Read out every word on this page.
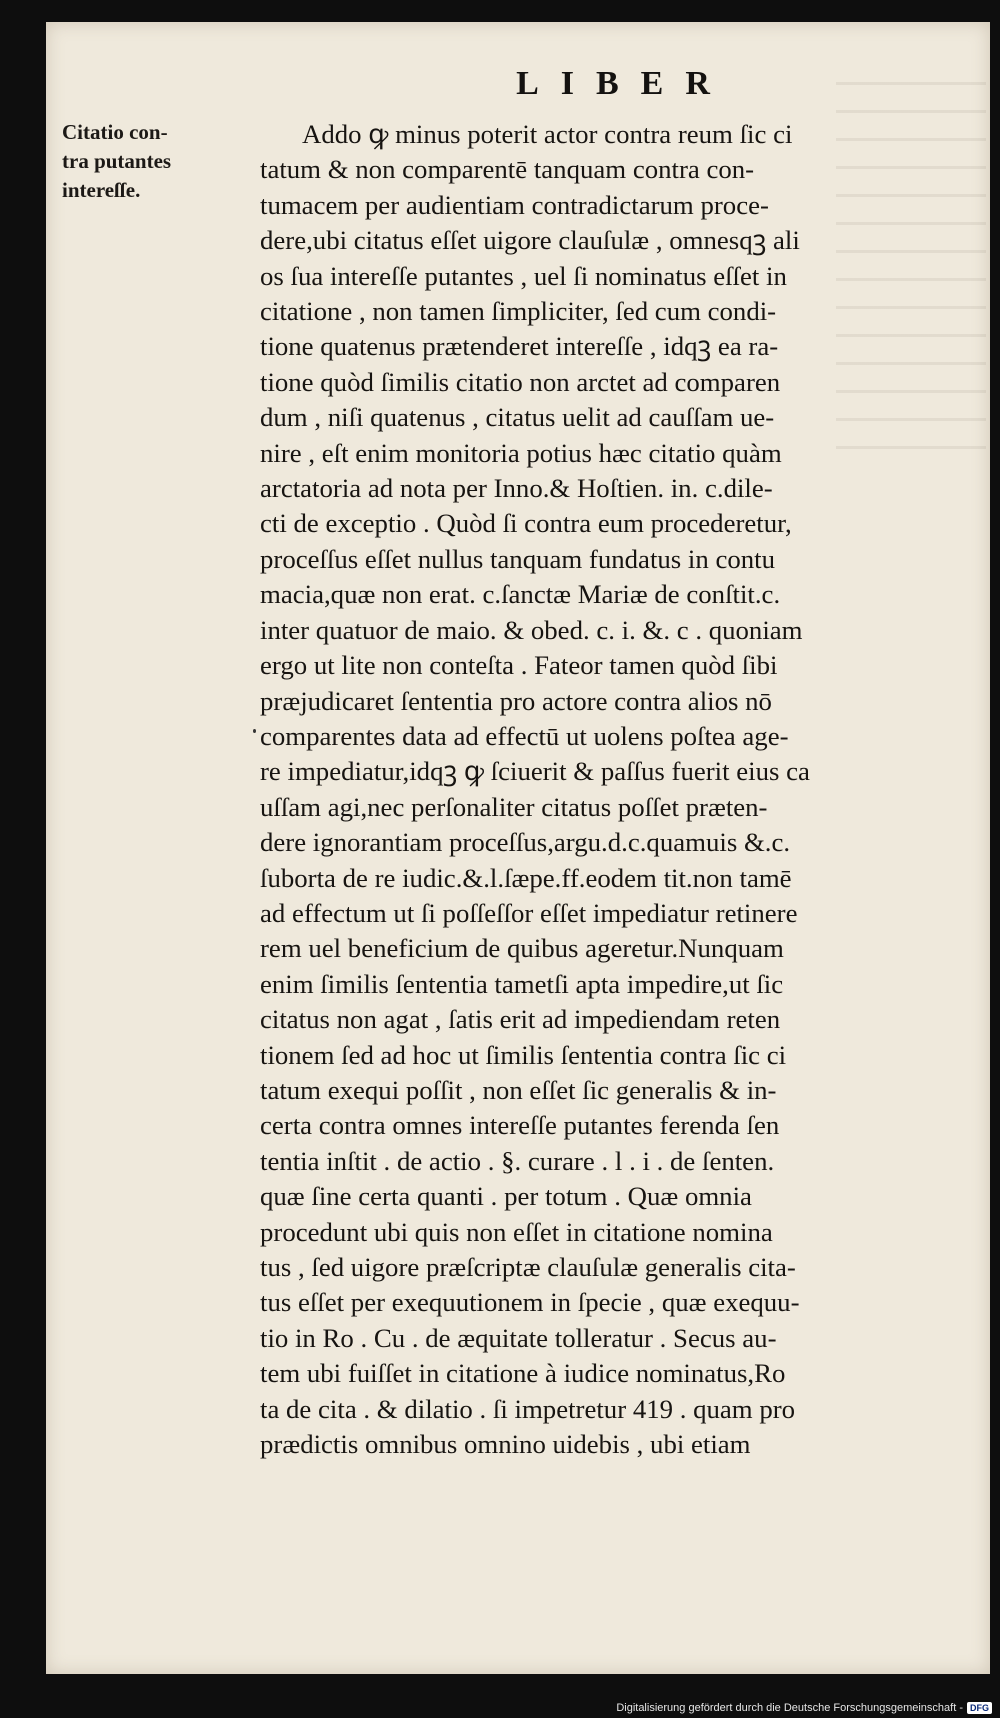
LIBER
Citatio con-
tra putantes
intereſſe.
Addo ꝙ minus poterit actor contra reum ſic ci
tatum & non comparentē tanquam contra con-
tumacem per audientiam contradictarum proce-
dere,ubi citatus eſſet uigore clauſulæ , omnesqꝫ ali
os ſua intereſſe putantes , uel ſi nominatus eſſet in
citatione , non tamen ſimpliciter, ſed cum condi-
tione quatenus prætenderet intereſſe , idqꝫ ea ra-
tione quòd ſimilis citatio non arctet ad comparen
dum , niſi quatenus , citatus uelit ad cauſſam ue-
nire , eſt enim monitoria potius hæc citatio quàm
arctatoria ad nota per Inno.& Hoſtien. in. c.dile-
cti de exceptio . Quòd ſi contra eum procederetur,
proceſſus eſſet nullus tanquam fundatus in contu
macia,quæ non erat. c.ſanctæ Mariæ de conſtit.c.
inter quatuor de maio. & obed. c. i. &. c . quoniam
ergo ut lite non conteſta . Fateor tamen quòd ſibi
præjudicaret ſententia pro actore contra alios nō
comparentes data ad effectū ut uolens poſtea age-
re impediatur,idqꝫ ꝙ ſciuerit & paſſus fuerit eius ca
uſſam agi,nec perſonaliter citatus poſſet præten-
dere ignorantiam proceſſus,argu.d.c.quamuis &.c.
ſuborta de re iudic.&.l.ſæpe.ff.eodem tit.non tamē
ad effectum ut ſi poſſeſſor eſſet impediatur retinere
rem uel beneficium de quibus ageretur.Nunquam
enim ſimilis ſententia tametſi apta impedire,ut ſic
citatus non agat , ſatis erit ad impediendam reten
tionem ſed ad hoc ut ſimilis ſententia contra ſic ci
tatum exequi poſſit , non eſſet ſic generalis & in-
certa contra omnes intereſſe putantes ferenda ſen
tentia inſtit . de actio . §. curare . l . i . de ſenten.
quæ ſine certa quanti . per totum . Quæ omnia
procedunt ubi quis non eſſet in citatione nomina
tus , ſed uigore præſcriptæ clauſulæ generalis cita-
tus eſſet per exequutionem in ſpecie , quæ exequu-
tio in Ro . Cu . de æquitate tolleratur . Secus au-
tem ubi fuiſſet in citatione à iudice nominatus,Ro
ta de cita . & dilatio . ſi impetretur 419 . quam pro
prædictis omnibus omnino uidebis , ubi etiam
Digitalisierung gefördert durch die Deutsche Forschungsgemeinschaft - DFG
